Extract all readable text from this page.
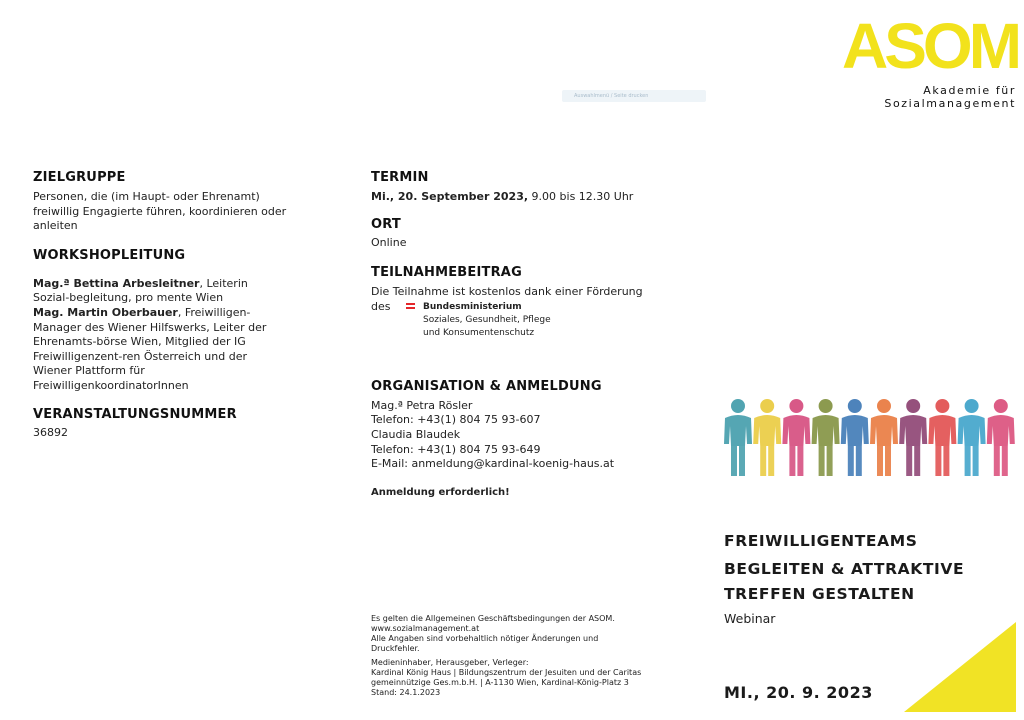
ASOM
Akademie für
Sozialmanagement
Auswahlmenü / Seite drucken
ZIELGRUPPE
Personen, die (im Haupt- oder Ehrenamt) freiwillig Engagierte führen, koordinieren oder anleiten
WORKSHOPLEITUNG
Mag.ª Bettina Arbesleitner, Leiterin Sozial-begleitung, pro mente Wien
Mag. Martin Oberbauer, Freiwilligen-Manager des Wiener Hilfswerks, Leiter der Ehrenamts-börse Wien, Mitglied der IG Freiwilligenzent-ren Österreich und der Wiener Plattform für FreiwilligenkoordinatorInnen
VERANSTALTUNGSNUMMER
36892
TERMIN
Mi., 20. September 2023, 9.00 bis 12.30 Uhr
ORT
Online
TEILNAHMEBEITRAG
Die Teilnahme ist kostenlos dank einer Förderung
des	Bundesministerium
Soziales, Gesundheit, Pflege
und Konsumentenschutz
ORGANISATION & ANMELDUNG
Mag.ª Petra Rösler
Telefon: +43(1) 804 75 93-607
Claudia Blaudek
Telefon: +43(1) 804 75 93-649
E-Mail: anmeldung@kardinal-koenig-haus.at
Anmeldung erforderlich!
Es gelten die Allgemeinen Geschäftsbedingungen der ASOM.
www.sozialmanagement.at
Alle Angaben sind vorbehaltlich nötiger Änderungen und
Druckfehler.
Medieninhaber, Herausgeber, Verleger:
Kardinal König Haus | Bildungszentrum der Jesuiten und der Caritas
gemeinnützige Ges.m.b.H. | A-1130 Wien, Kardinal-König-Platz 3
Stand: 24.1.2023
FREIWILLIGENTEAMS
BEGLEITEN & ATTRAKTIVE
TREFFEN GESTALTEN
Webinar
MI., 20. 9. 2023
